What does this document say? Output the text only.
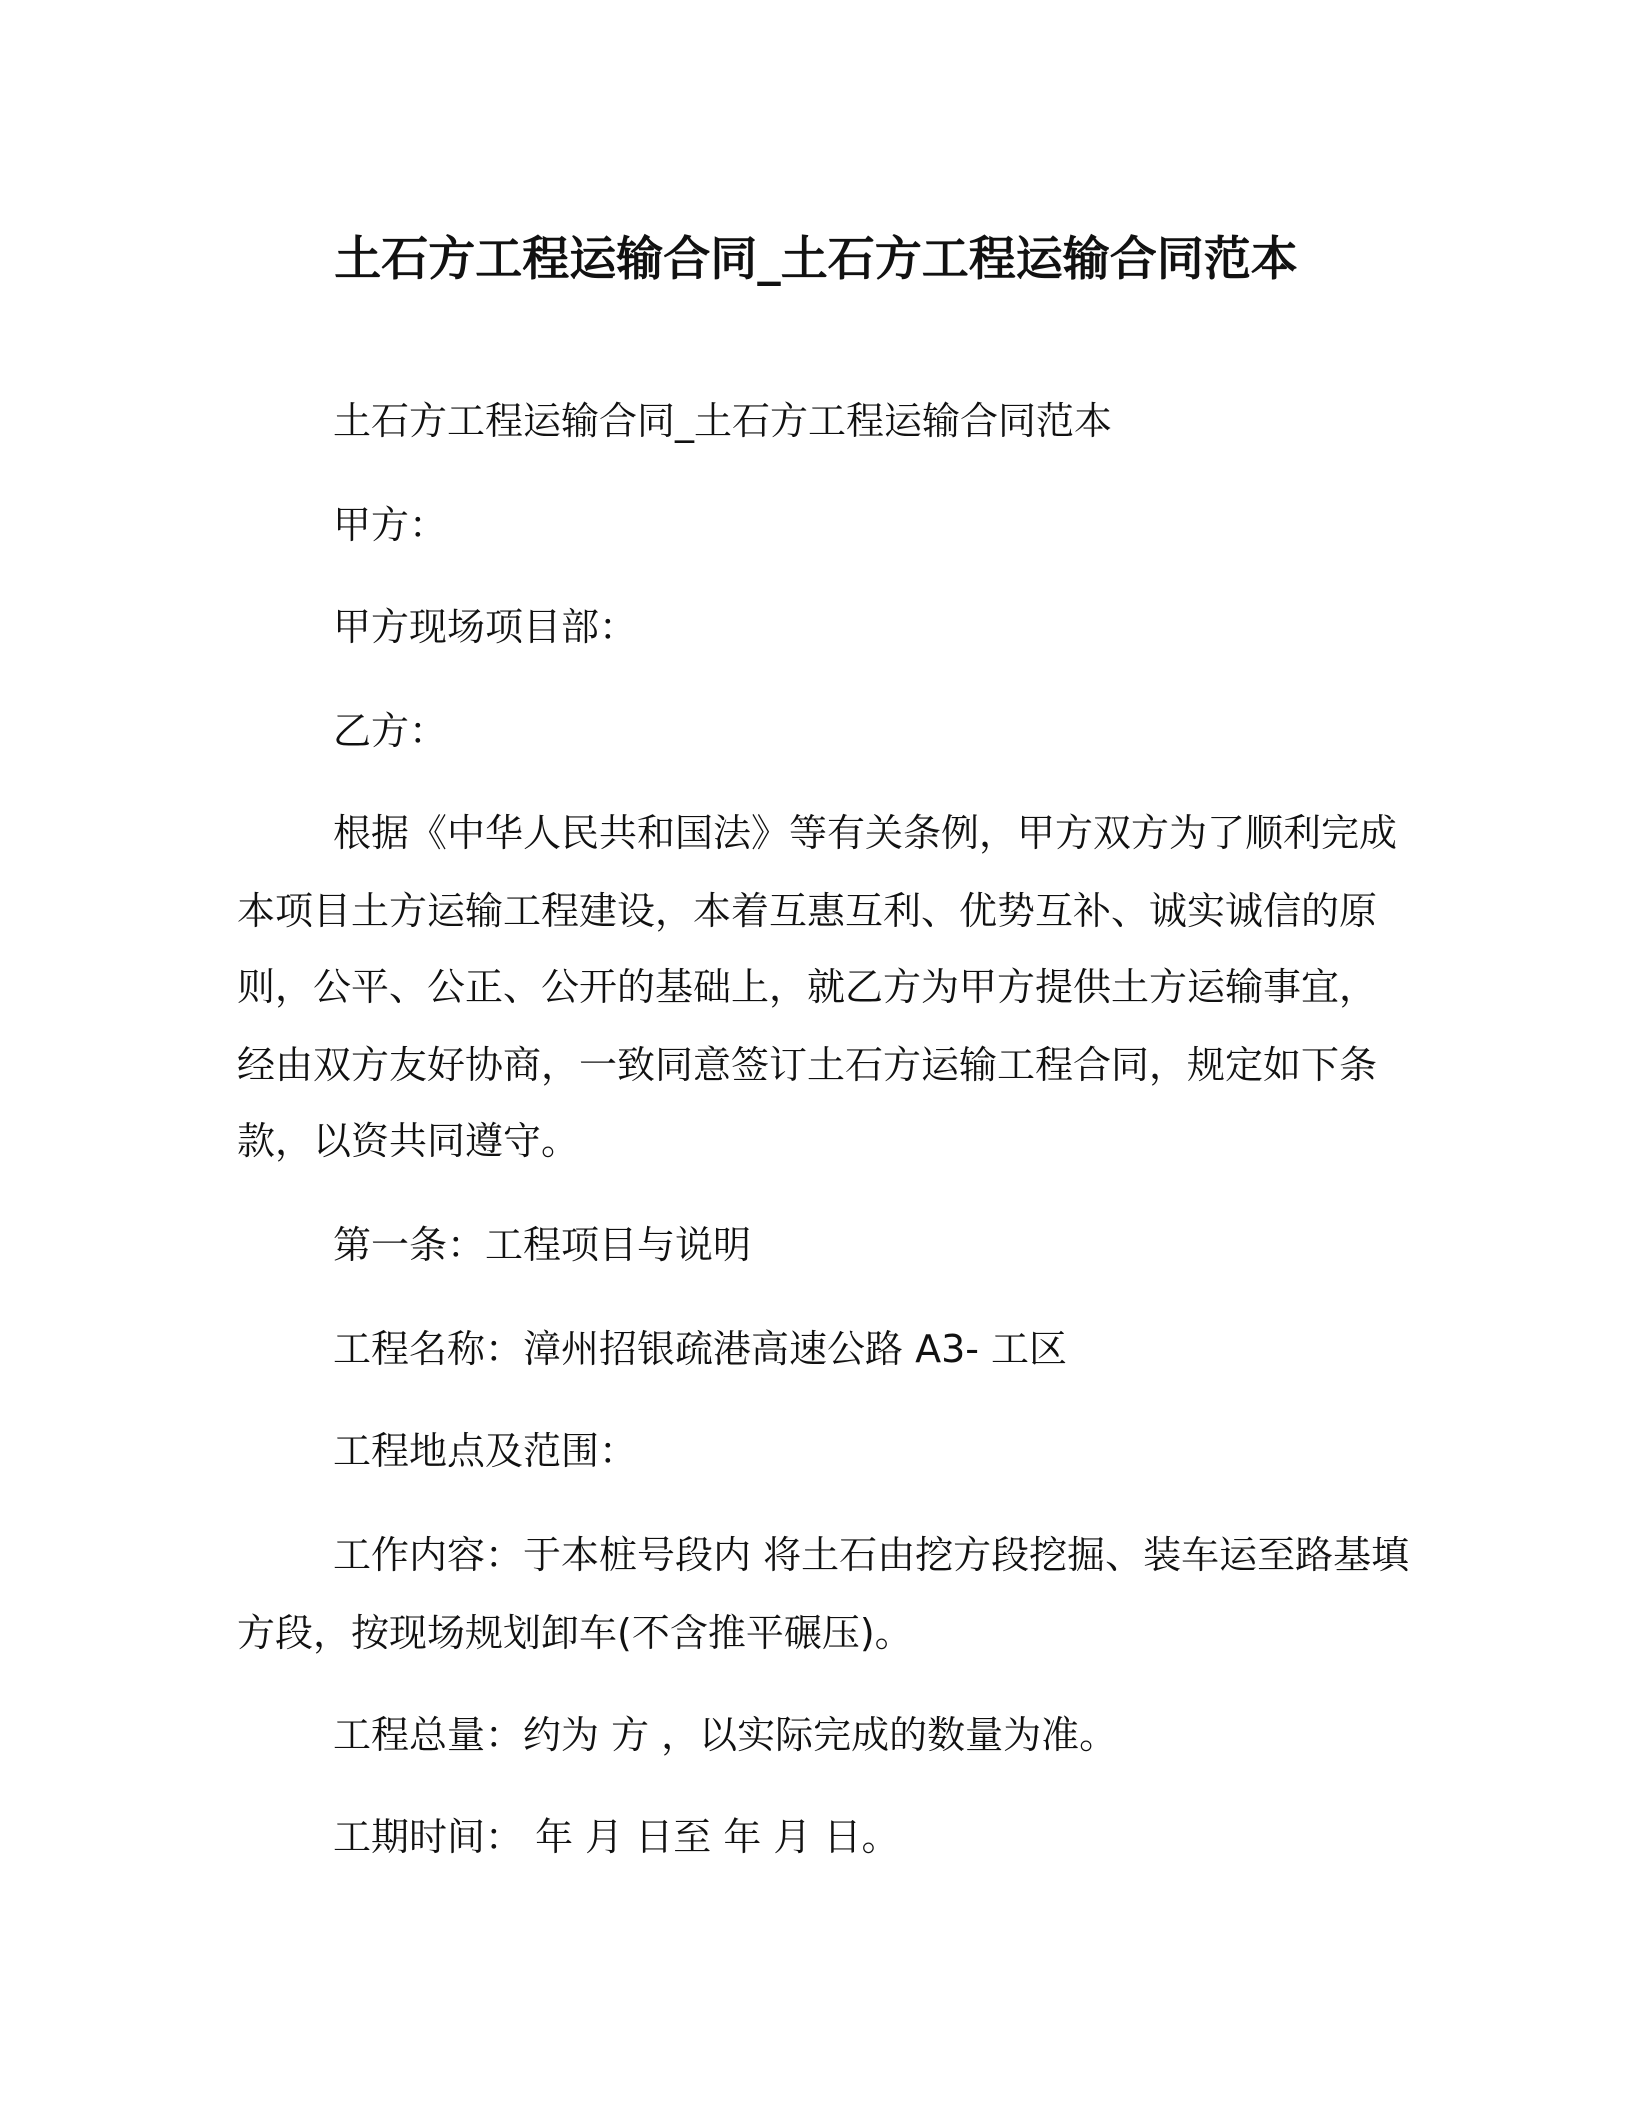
土石方工程运输合同_土石方工程运输合同范本
土石方工程运输合同_土石方工程运输合同范本
甲方：
甲方现场项目部：
乙方：
根据《中华人民共和国法》等有关条例，甲方双方为了顺利完成
本项目土方运输工程建设，本着互惠互利、优势互补、诚实诚信的原
则，公平、公正、公开的基础上，就乙方为甲方提供土方运输事宜，
经由双方友好协商，一致同意签订土石方运输工程合同，规定如下条
款，以资共同遵守。
第一条：工程项目与说明
工程名称：漳州招银疏港高速公路 A3- 工区
工程地点及范围：
工作内容：于本桩号段内 将土石由挖方段挖掘、装车运至路基填
方段，按现场规划卸车(不含推平碾压)。
工程总量：约为 方 ，以实际完成的数量为准。
工期时间： 年 月 日至 年 月 日。
